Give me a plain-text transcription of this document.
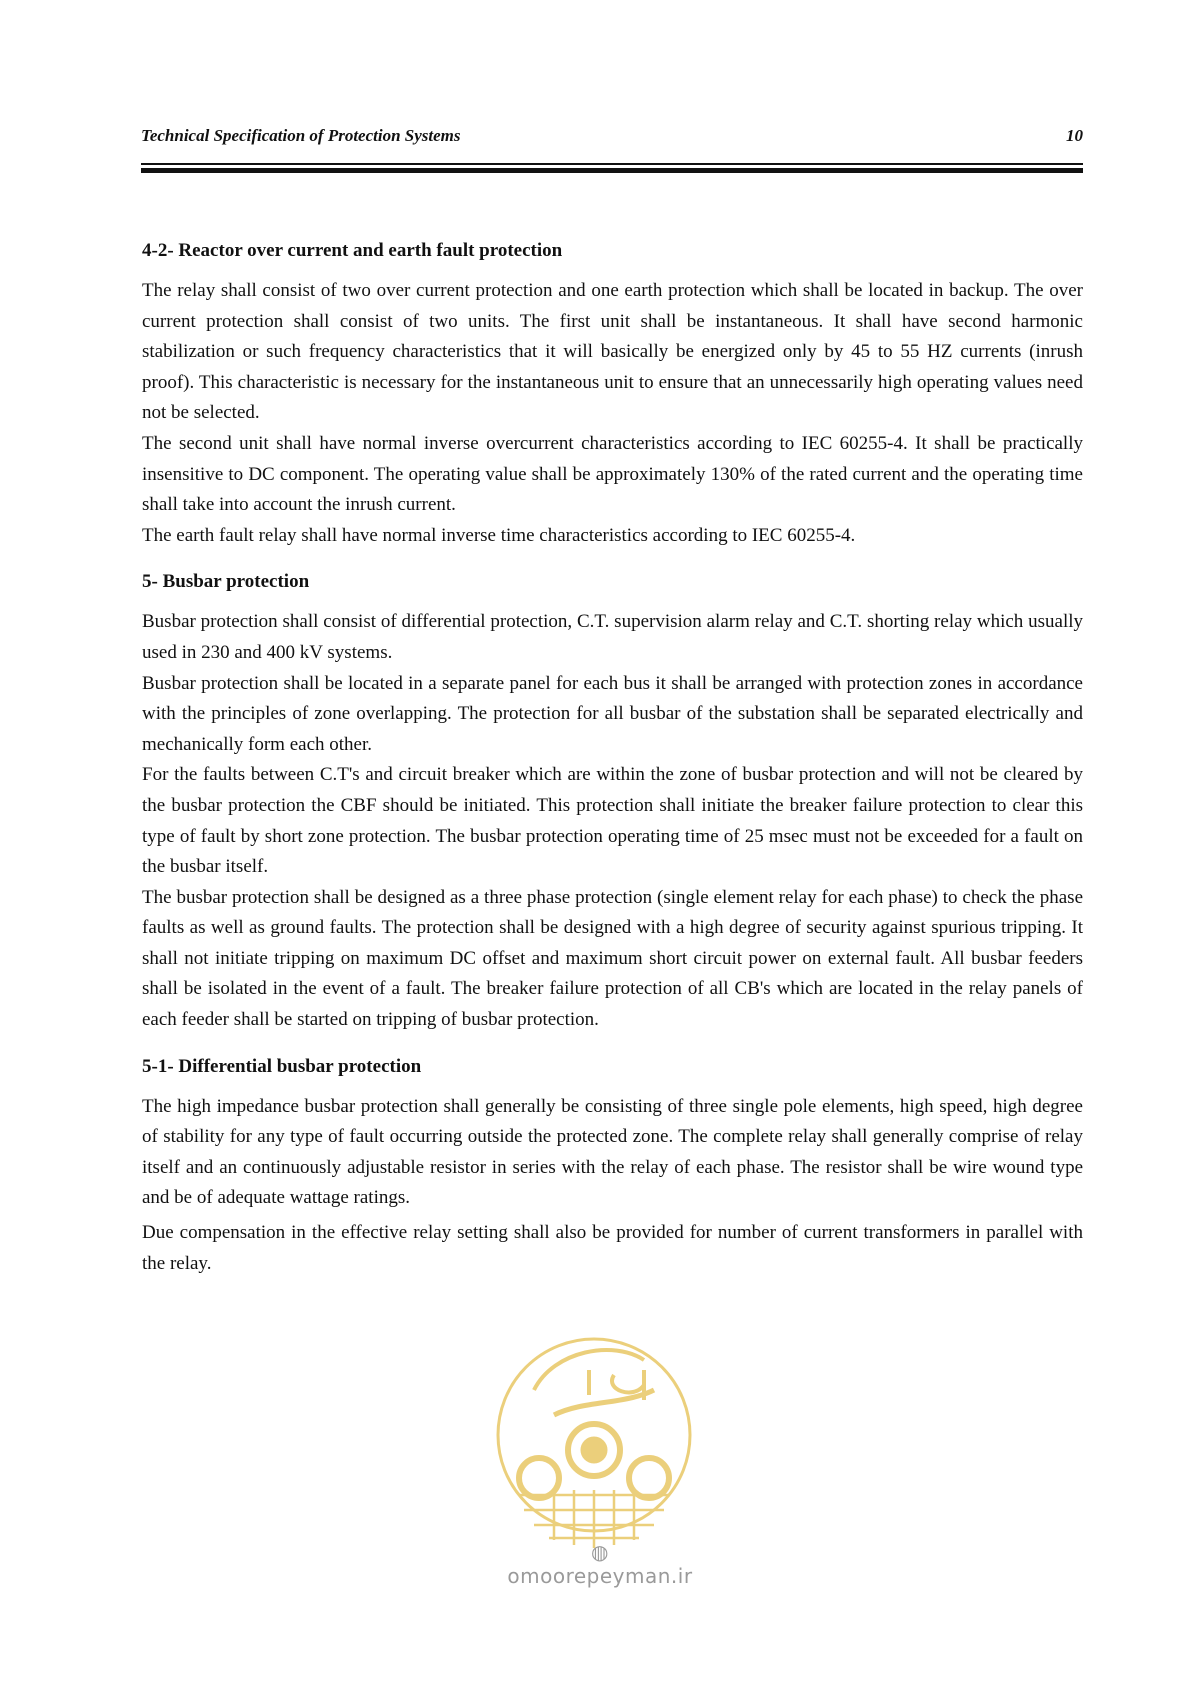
Technical Specification of Protection Systems	10
4-2- Reactor over current and earth fault protection

The relay shall consist of two over current protection and one earth protection which shall be located in backup. The over current protection shall consist of two units. The first unit shall be instantaneous. It shall have second harmonic stabilization or such frequency characteristics that it will basically be energized only by 45 to 55 HZ currents (inrush proof). This characteristic is necessary for the instantaneous unit to ensure that an unnecessarily high operating values need not be selected.

The second unit shall have normal inverse overcurrent characteristics according to IEC 60255-4. It shall be practically insensitive to DC component. The operating value shall be approximately 130% of the rated current and the operating time shall take into account the inrush current.

The earth fault relay shall have normal inverse time characteristics according to IEC 60255-4.

5- Busbar protection

Busbar protection shall consist of differential protection, C.T. supervision alarm relay and C.T. shorting relay which usually used in 230 and 400 kV systems.

Busbar protection shall be located in a separate panel for each bus it shall be arranged with protection zones in accordance with the principles of zone overlapping. The protection for all busbar of the substation shall be separated electrically and mechanically form each other.

For the faults between C.T's and circuit breaker which are within the zone of busbar protection and will not be cleared by the busbar protection the CBF should be initiated. This protection shall initiate the breaker failure protection to clear this type of fault by short zone protection. The busbar protection operating time of 25 msec must not be exceeded for a fault on the busbar itself.

The busbar protection shall be designed as a three phase protection (single element relay for each phase) to check the phase faults as well as ground faults. The protection shall be designed with a high degree of security against spurious tripping. It shall not initiate tripping on maximum DC offset and maximum short circuit power on external fault. All busbar feeders shall be isolated in the event of a fault. The breaker failure protection of all CB's which are located in the relay panels of each feeder shall be started on tripping of busbar protection.

5-1- Differential busbar protection

The high impedance busbar protection shall generally be consisting of three single pole elements, high speed, high degree of stability for any type of fault occurring outside the protected zone. The complete relay shall generally comprise of relay itself and an continuously adjustable resistor in series with the relay of each phase. The resistor shall be wire wound type and be of adequate wattage ratings.

Due compensation in the effective relay setting shall also be provided for number of current transformers in parallel with the relay.

◍ omoorepeyman.ir
